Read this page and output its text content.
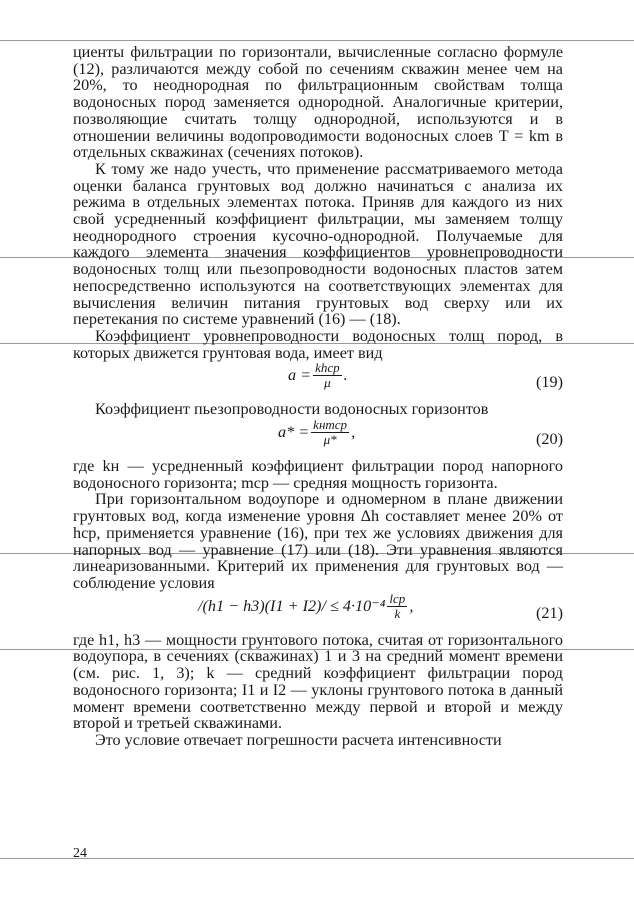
циенты фильтрации по горизонтали, вычисленные согласно формуле (12), различаются между собой по сечениям скважин менее чем на 20%, то неоднородная по фильтрационным свойствам толща водоносных пород заменяется однородной. Аналогичные критерии, позволяющие считать толщу однородной, используются и в отношении величины водопроводимости водоносных слоев T = km в отдельных скважинах (сечениях потоков).

К тому же надо учесть, что применение рассматриваемого метода оценки баланса грунтовых вод должно начинаться с анализа их режима в отдельных элементах потока. Приняв для каждого из них свой усредненный коэффициент фильтрации, мы заменяем толщу неоднородного строения кусочно-однородной. Получаемые для каждого элемента значения коэффициентов уровнепроводности водоносных толщ или пьезопроводности водоносных пластов затем непосредственно используются на соответствующих элементах для вычисления величин питания грунтовых вод сверху или их перетекания по системе уравнений (16) — (18).

Коэффициент уровнепроводности водоносных толщ пород, в которых движется грунтовая вода, имеет вид

$a = \frac{\text{khср}}{\mu}$ .	(19)

Коэффициент пьезопроводности водоносных горизонтов

$a* = \frac{\text{kнmср}}{\mu*}$ ,	(20)

где kн — усредненный коэффициент фильтрации пород напорного водоносного горизонта; mср — средняя мощность горизонта.

При горизонтальном водоупоре и одномерном в плане движении грунтовых вод, когда изменение уровня Δh составляет менее 20% от hср, применяется уравнение (16), при тех же условиях движения для напорных вод — уравнение (17) или (18). Эти уравнения являются линеаризованными. Критерий их применения для грунтовых вод — соблюдение условия

$/(h1 - h3)(I1 + I2)/ \le 4\cdot 10^{-4} \frac{\text{lср}}{k}$ ,	(21)

где h1, h3 — мощности грунтового потока, считая от горизонтального водоупора, в сечениях (скважинах) 1 и 3 на средний момент времени (см. рис. 1, 3); k — средний коэффициент фильтрации пород водоносного горизонта; I1 и I2 — уклоны грунтового потока в данный момент времени соответственно между первой и второй и между второй и третьей скважинами.

Это условие отвечает погрешности расчета интенсивности

24
